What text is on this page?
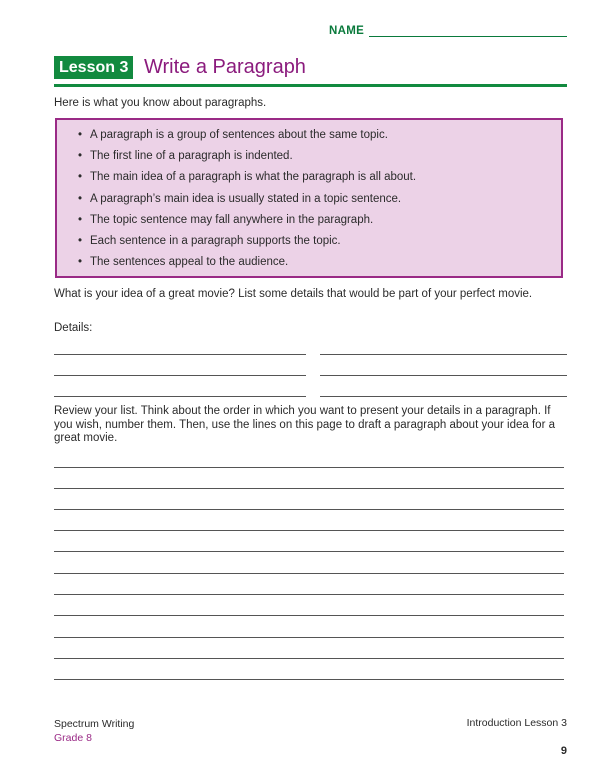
NAME
Lesson 3 Write a Paragraph
Here is what you know about paragraphs.
• A paragraph is a group of sentences about the same topic.
• The first line of a paragraph is indented.
• The main idea of a paragraph is what the paragraph is all about.
• A paragraph’s main idea is usually stated in a topic sentence.
• The topic sentence may fall anywhere in the paragraph.
• Each sentence in a paragraph supports the topic.
• The sentences appeal to the audience.
What is your idea of a great movie? List some details that would be part of your perfect movie.
Details:
Review your list. Think about the order in which you want to present your details in a paragraph. If you wish, number them. Then, use the lines on this page to draft a paragraph about your idea for a great movie.
Spectrum Writing
Grade 8
Introduction Lesson 3
9
